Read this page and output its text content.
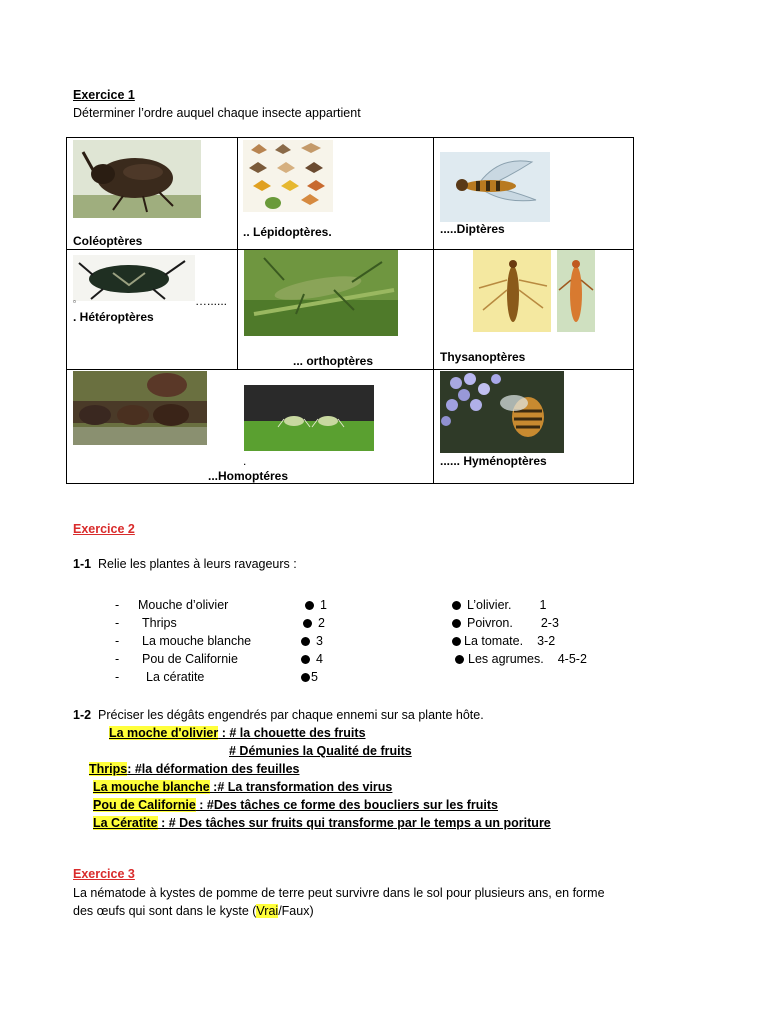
Exercice 1
Déterminer l’ordre auquel chaque insecte appartient
Coléoptères
.. Lépidoptères.	.....Diptères
▫	…......
. Hétéroptères
... orthoptères	Thysanoptères
.
...Homoptéres
...... Hyménoptères
Exercice 2
1-1 Relie les plantes à leurs ravageurs :
- Mouche d’olivier	1
- Thrips	2
- La mouche blanche	3
- Pou de Californie	4
- La cératite	5
L’olivier. 1
Poivron. 2-3
La tomate. 3-2
Les agrumes. 4-5-2
1-2 Préciser les dégâts engendrés par chaque ennemi sur sa plante hôte.
La moche d'olivier : # la chouette des fruits
# Démunies la Qualité de fruits
Thrips: #la déformation des feuilles
La mouche blanche :# La transformation des virus
Pou de Californie : #Des tâches ce forme des boucliers sur les fruits
La Cératite : # Des tâches sur fruits qui transforme par le temps a un poriture
Exercice 3
La nématode à kystes de pomme de terre peut survivre dans le sol pour plusieurs ans, en forme
des œufs qui sont dans le kyste (Vrai/Faux)
